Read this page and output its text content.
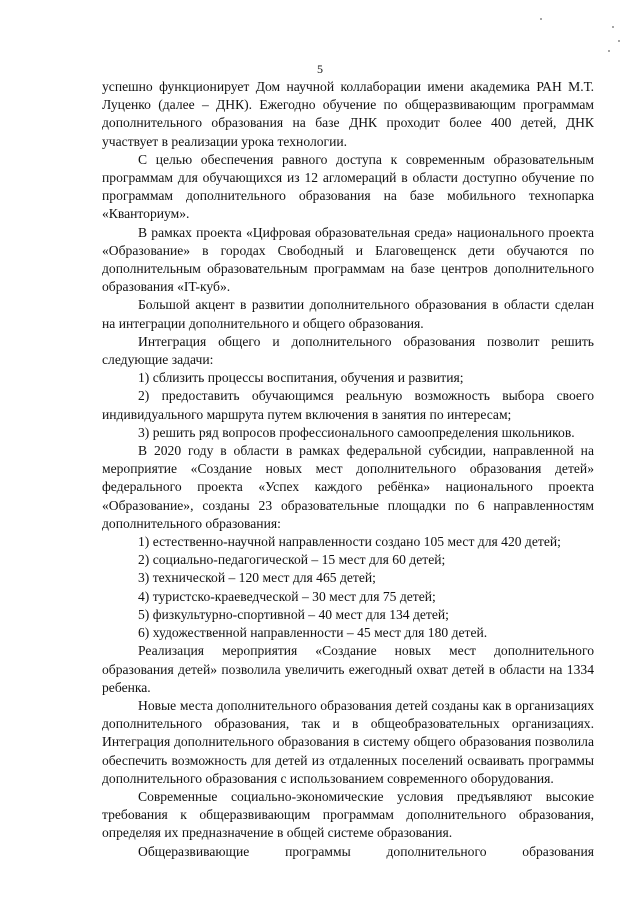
5

успешно функционирует Дом научной коллаборации имени академика РАН М.Т. Луценко (далее – ДНК). Ежегодно обучение по общеразвивающим программам дополнительного образования на базе ДНК проходит более 400 детей, ДНК участвует в реализации урока технологии.

С целью обеспечения равного доступа к современным образовательным программам для обучающихся из 12 агломераций в области доступно обучение по программам дополнительного образования на базе мобильного технопарка «Кванториум».

В рамках проекта «Цифровая образовательная среда» национального проекта «Образование» в городах Свободный и Благовещенск дети обучаются по дополнительным образовательным программам на базе центров дополнительного образования «IT-куб».

Большой акцент в развитии дополнительного образования в области сделан на интеграции дополнительного и общего образования.

Интеграция общего и дополнительного образования позволит решить следующие задачи:

1) сблизить процессы воспитания, обучения и развития;

2) предоставить обучающимся реальную возможность выбора своего индивидуального маршрута путем включения в занятия по интересам;

3) решить ряд вопросов профессионального самоопределения школьников.

В 2020 году в области в рамках федеральной субсидии, направленной на мероприятие «Создание новых мест дополнительного образования детей» федерального проекта «Успех каждого ребёнка» национального проекта «Образование», созданы 23 образовательные площадки по 6 направленностям дополнительного образования:

1) естественно-научной направленности создано 105 мест для 420 детей;

2) социально-педагогической – 15 мест для 60 детей;

3) технической – 120 мест для 465 детей;

4) туристско-краеведческой – 30 мест для 75 детей;

5) физкультурно-спортивной – 40 мест для 134 детей;

6) художественной направленности – 45 мест для 180 детей.

Реализация мероприятия «Создание новых мест дополнительного образования детей» позволила увеличить ежегодный охват детей в области на 1334 ребенка.

Новые места дополнительного образования детей созданы как в организациях дополнительного образования, так и в общеобразовательных организациях. Интеграция дополнительного образования в систему общего образования позволила обеспечить возможность для детей из отдаленных поселений осваивать программы дополнительного образования с использованием современного оборудования.

Современные социально-экономические условия предъявляют высокие требования к общеразвивающим программам дополнительного образования, определяя их предназначение в общей системе образования.

Общеразвивающие программы дополнительного образования
